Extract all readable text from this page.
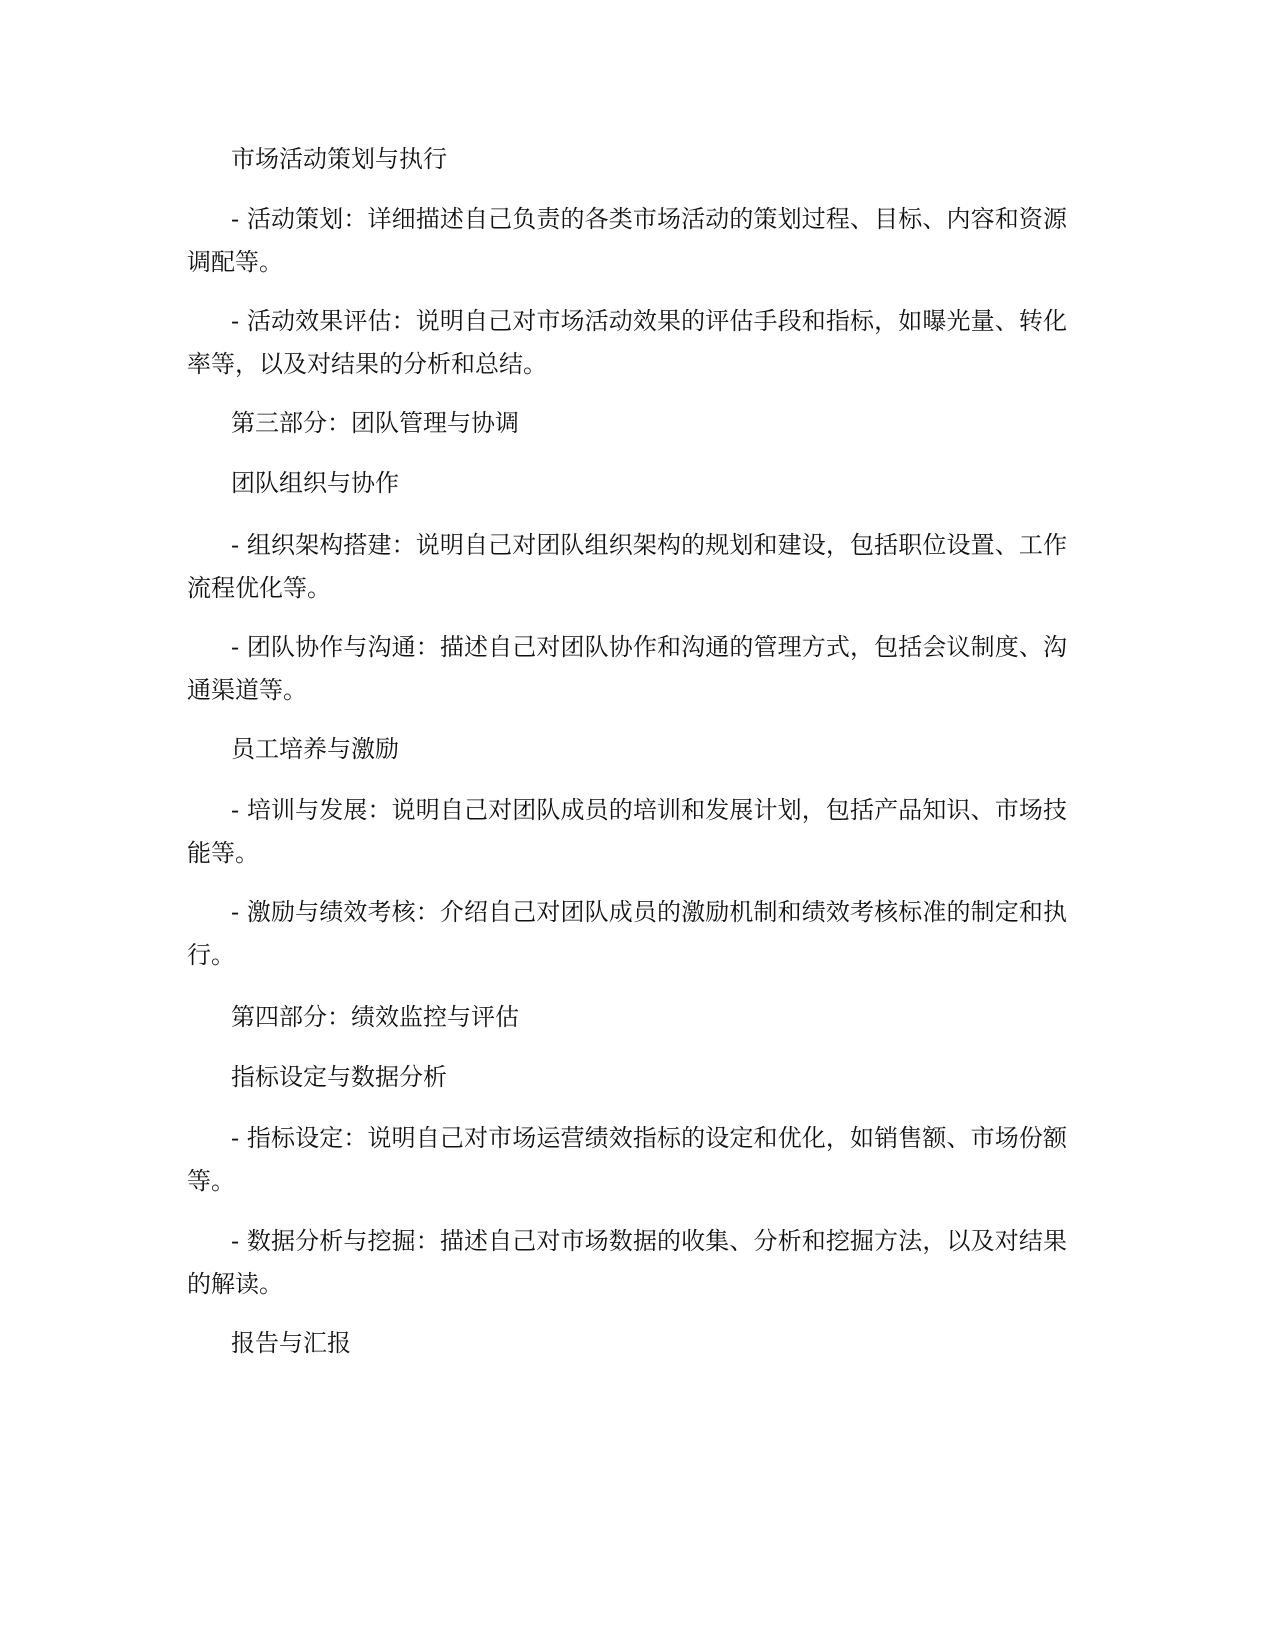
市场活动策划与执行

- 活动策划：详细描述自己负责的各类市场活动的策划过程、目标、内容和资源调配等。

- 活动效果评估：说明自己对市场活动效果的评估手段和指标，如曝光量、转化率等，以及对结果的分析和总结。

第三部分：团队管理与协调

团队组织与协作

- 组织架构搭建：说明自己对团队组织架构的规划和建设，包括职位设置、工作流程优化等。

- 团队协作与沟通：描述自己对团队协作和沟通的管理方式，包括会议制度、沟通渠道等。

员工培养与激励

- 培训与发展：说明自己对团队成员的培训和发展计划，包括产品知识、市场技能等。

- 激励与绩效考核：介绍自己对团队成员的激励机制和绩效考核标准的制定和执行。

第四部分：绩效监控与评估

指标设定与数据分析

- 指标设定：说明自己对市场运营绩效指标的设定和优化，如销售额、市场份额等。

- 数据分析与挖掘：描述自己对市场数据的收集、分析和挖掘方法，以及对结果的解读。

报告与汇报
